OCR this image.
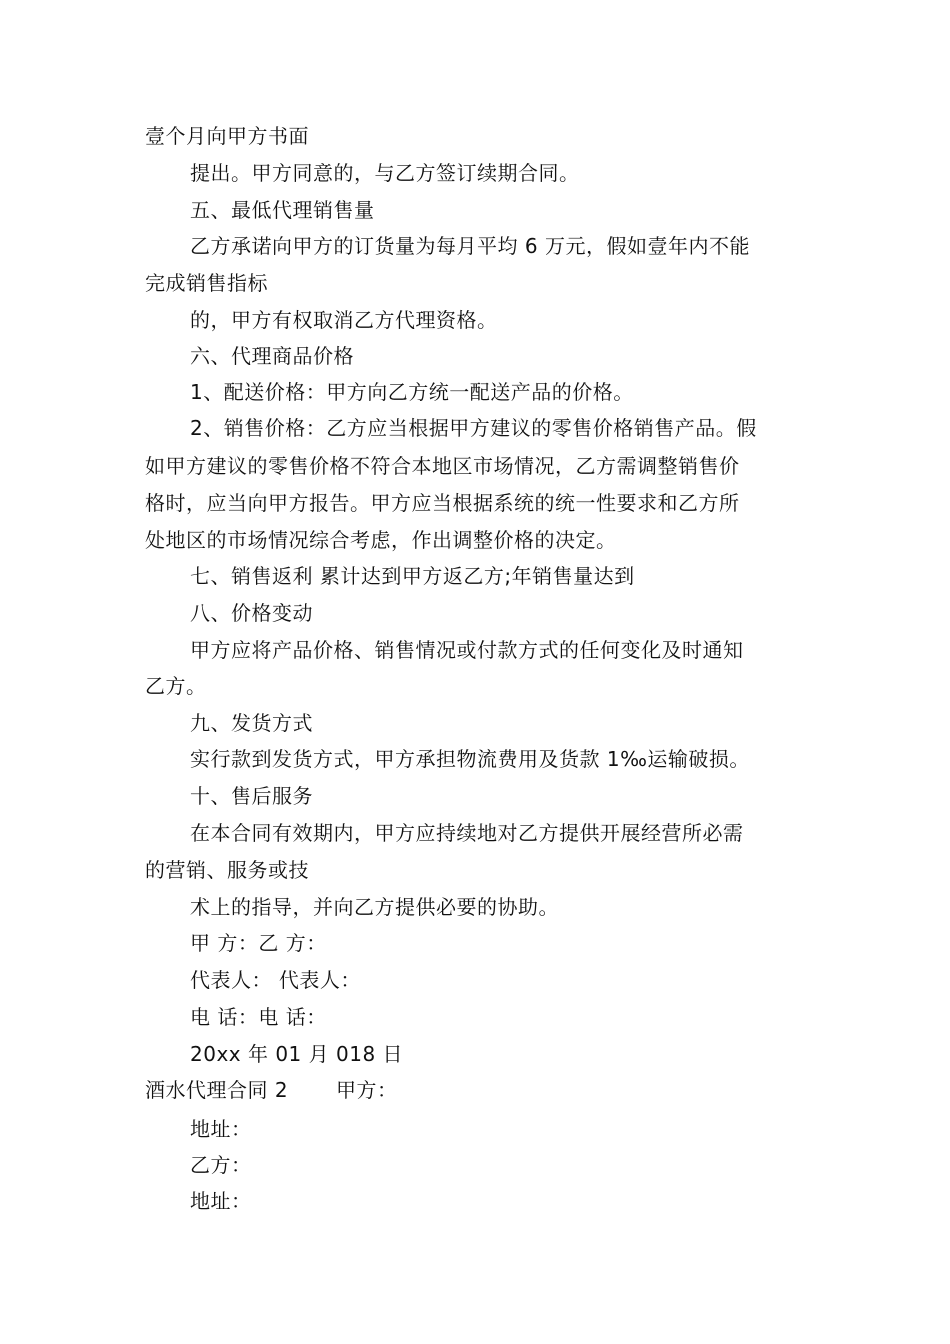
壹个月向甲方书面
提出。甲方同意的，与乙方签订续期合同。
五、最低代理销售量
乙方承诺向甲方的订货量为每月平均 6 万元，假如壹年内不能
完成销售指标
的，甲方有权取消乙方代理资格。
六、代理商品价格
1、配送价格：甲方向乙方统一配送产品的价格。
2、销售价格：乙方应当根据甲方建议的零售价格销售产品。假
如甲方建议的零售价格不符合本地区市场情况，乙方需调整销售价
格时，应当向甲方报告。甲方应当根据系统的统一性要求和乙方所
处地区的市场情况综合考虑，作出调整价格的决定。
七、销售返利 累计达到甲方返乙方;年销售量达到
八、价格变动
甲方应将产品价格、销售情况或付款方式的任何变化及时通知
乙方。
九、发货方式
实行款到发货方式，甲方承担物流费用及货款 1‰运输破损。
十、售后服务
在本合同有效期内，甲方应持续地对乙方提供开展经营所必需
的营销、服务或技
术上的指导，并向乙方提供必要的协助。
甲 方：乙 方：
代表人： 代表人：
电 话：电 话：
20xx 年 01 月 018 日
酒水代理合同 2　　 甲方：
地址：
乙方：
地址：
